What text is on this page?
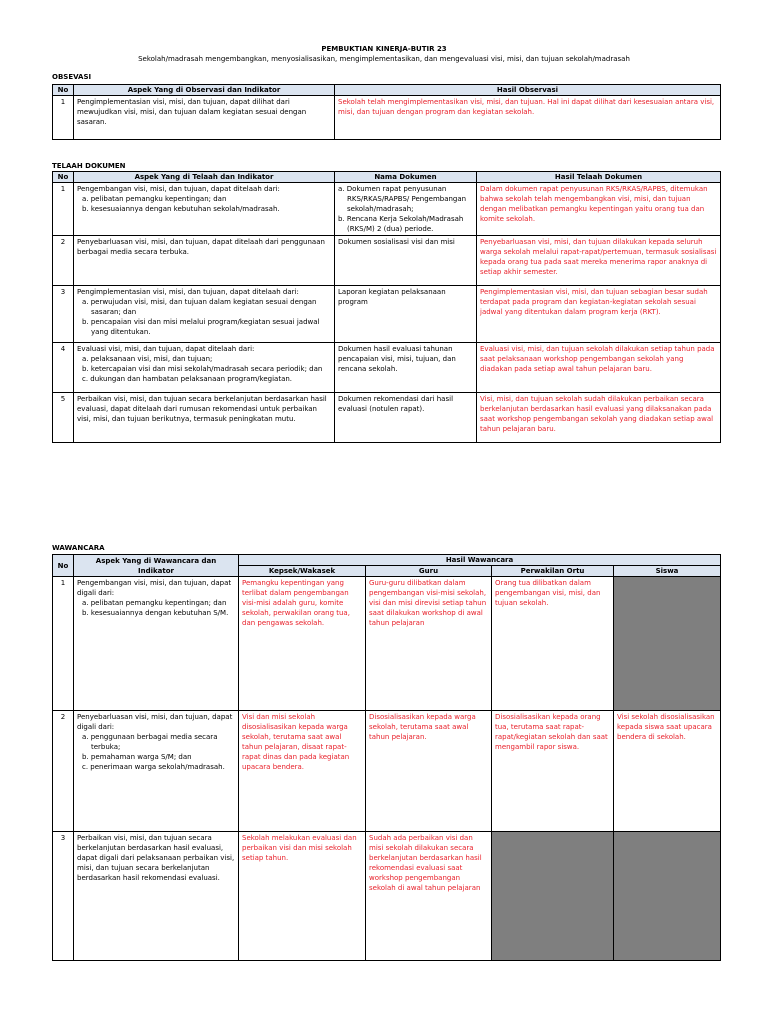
PEMBUKTIAN KINERJA-BUTIR 23
Sekolah/madrasah mengembangkan, menyosialisasikan, mengimplementasikan, dan mengevaluasi visi, misi, dan tujuan sekolah/madrasah
OBSEVASI
No	Aspek Yang di Observasi dan Indikator	Hasil Observasi
1	Pengimplementasian visi, misi, dan tujuan, dapat dilihat dari mewujudkan visi, misi, dan tujuan dalam kegiatan sesuai dengan sasaran.	Sekolah telah mengimplementasikan visi, misi, dan tujuan. Hal ini dapat dilihat dari kesesuaian antara visi, misi, dan tujuan dengan program dan kegiatan sekolah.
TELAAH DOKUMEN
No	Aspek Yang di Telaah dan Indikator	Nama Dokumen	Hasil Telaah Dokumen
1	Pengembangan visi, misi, dan tujuan, dapat ditelaah dari:
a. pelibatan pemangku kepentingan; dan
b. kesesuaiannya dengan kebutuhan sekolah/madrasah.	a. Dokumen rapat penyusunan RKS/RKAS/RAPBS/ Pengembangan sekolah/madrasah;
b. Rencana Kerja Sekolah/Madrasah (RKS/M) 2 (dua) periode.	Dalam dokumen rapat penyusunan RKS/RKAS/RAPBS, ditemukan bahwa sekolah telah mengembangkan visi, misi, dan tujuan dengan melibatkan pemangku kepentingan yaitu orang tua dan komite sekolah.
2	Penyebarluasan visi, misi, dan tujuan, dapat ditelaah dari penggunaan berbagai media secara terbuka.	Dokumen sosialisasi visi dan misi	Penyebarluasan visi, misi, dan tujuan dilakukan kepada seluruh warga sekolah melalui rapat-rapat/pertemuan, termasuk sosialisasi kepada orang tua pada saat mereka menerima rapor anaknya di setiap akhir semester.
3	Pengimplementasian visi, misi, dan tujuan, dapat ditelaah dari:
a. perwujudan visi, misi, dan tujuan dalam kegiatan sesuai dengan sasaran; dan
b. pencapaian visi dan misi melalui program/kegiatan sesuai jadwal yang ditentukan.	Laporan kegiatan pelaksanaan program	Pengimplementasian visi, misi, dan tujuan sebagian besar sudah terdapat pada program dan kegiatan-kegiatan sekolah sesuai jadwal yang ditentukan dalam program kerja (RKT).
4	Evaluasi visi, misi, dan tujuan, dapat ditelaah dari:
a. pelaksanaan visi, misi, dan tujuan;
b. ketercapaian visi dan misi sekolah/madrasah secara periodik; dan
c. dukungan dan hambatan pelaksanaan program/kegiatan.	Dokumen hasil evaluasi tahunan pencapaian visi, misi, tujuan, dan rencana sekolah.	Evaluasi visi, misi, dan tujuan sekolah dilakukan setiap tahun pada saat pelaksanaan workshop pengembangan sekolah yang diadakan pada setiap awal tahun pelajaran baru.
5	Perbaikan visi, misi, dan tujuan secara berkelanjutan berdasarkan hasil evaluasi, dapat ditelaah dari rumusan rekomendasi untuk perbaikan visi, misi, dan tujuan berikutnya, termasuk peningkatan mutu.	Dokumen rekomendasi dari hasil evaluasi (notulen rapat).	Visi, misi, dan tujuan sekolah sudah dilakukan perbaikan secara berkelanjutan berdasarkan hasil evaluasi yang dilaksanakan pada saat workshop pengembangan sekolah yang diadakan setiap awal tahun pelajaran baru.
WAWANCARA
No	Aspek Yang di Wawancara dan Indikator	Hasil Wawancara			
		Kepsek/Wakasek	Guru	Perwakilan Ortu	Siswa
1	Pengembangan visi, misi, dan tujuan, dapat digali dari:
a. pelibatan pemangku kepentingan; dan
b. kesesuaiannya dengan kebutuhan S/M.	Pemangku kepentingan yang terlibat dalam pengembangan visi-misi adalah guru, komite sekolah, perwakilan orang tua, dan pengawas sekolah.	Guru-guru dilibatkan dalam pengembangan visi-misi sekolah, visi dan misi direvisi setiap tahun saat dilakukan workshop di awal tahun pelajaran	Orang tua dilibatkan dalam pengembangan visi, misi, dan tujuan sekolah.	
2	Penyebarluasan visi, misi, dan tujuan, dapat digali dari:
a. penggunaan berbagai media secara terbuka;
b. pemahaman warga S/M; dan
c. penerimaan warga sekolah/madrasah.	Visi dan misi sekolah disosialisasikan kepada warga sekolah, terutama saat awal tahun pelajaran, disaat rapat-rapat dinas dan pada kegiatan upacara bendera.	Disosialisasikan kepada warga sekolah, terutama saat awal tahun pelajaran.	Disosialisasikan kepada orang tua, terutama saat rapat-rapat/kegiatan sekolah dan saat mengambil rapor siswa.	Visi sekolah disosialisasikan kepada siswa saat upacara bendera di sekolah.
3	Perbaikan visi, misi, dan tujuan secara berkelanjutan berdasarkan hasil evaluasi, dapat digali dari pelaksanaan perbaikan visi, misi, dan tujuan secara berkelanjutan berdasarkan hasil rekomendasi evaluasi.	Sekolah melakukan evaluasi dan perbaikan visi dan misi sekolah setiap tahun.	Sudah ada perbaikan visi dan misi sekolah dilakukan secara berkelanjutan berdasarkan hasil rekomendasi evaluasi saat workshop pengembangan sekolah di awal tahun pelajaran		
